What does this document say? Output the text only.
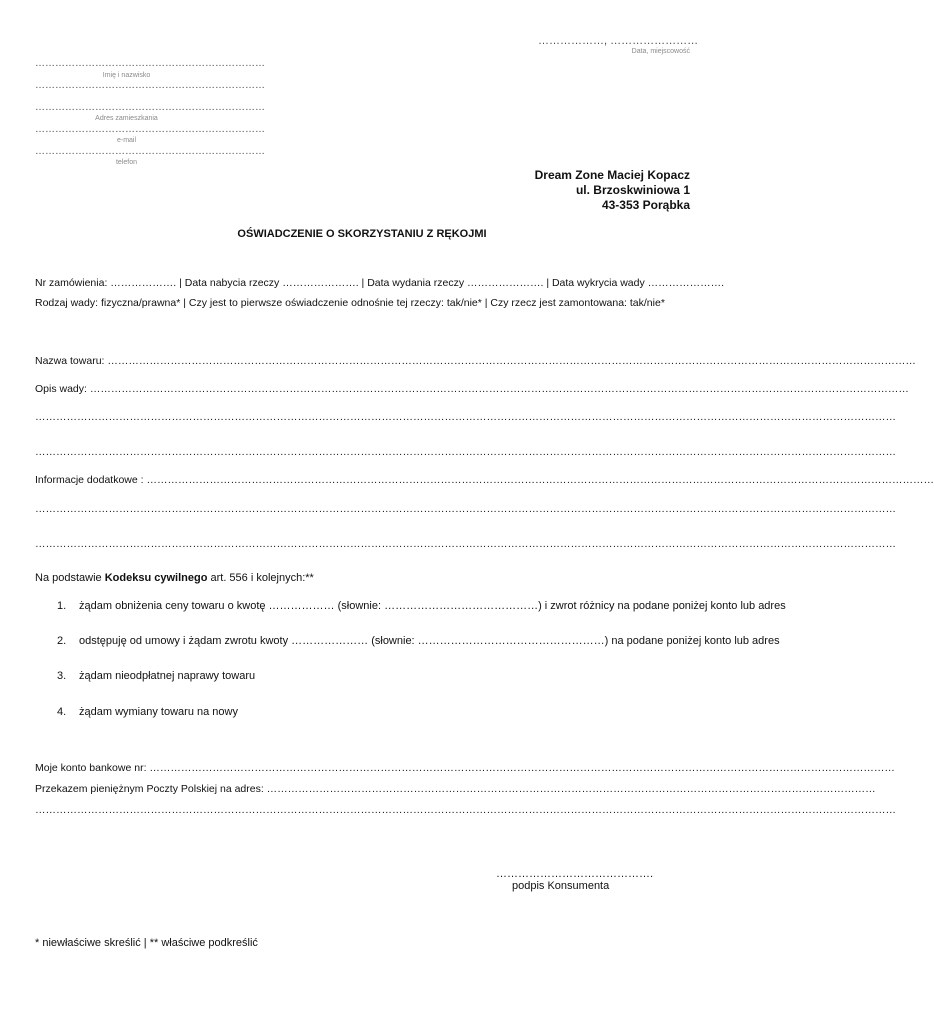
………………, ……………………
Data, miejscowość
……………………………………………………………
Imię i nazwisko
……………………………………………………………
……………………………………………………………
Adres zamieszkania
……………………………………………………………
e-mail
……………………………………………………………
telefon
Dream Zone Maciej Kopacz
ul. Brzoskwiniowa 1
43-353 Porąbka
OŚWIADCZENIE O SKORZYSTANIU Z RĘKOJMI
Nr zamówienia: ………………. | Data nabycia rzeczy …………………. | Data wydania rzeczy …………………. | Data wykrycia wady ………………….
Rodzaj wady: fizyczna/prawna* | Czy jest to pierwsze oświadczenie odnośnie tej rzeczy: tak/nie* | Czy rzecz jest zamontowana: tak/nie*
Nazwa towaru: ……………………………………………………………………………………………………………………………………………………………………………………………………………
Opis wady: ………………………………………………………………………………………………………………………………………………………………………………………………………………
…………………………………………………………………………………………………………………………………………………………………………………………………………………………
…………………………………………………………………………………………………………………………………………………………………………………………………………………………
Informacje dodatkowe : ………………………………………………………………………………………………………………………………………………………………………………………………………
…………………………………………………………………………………………………………………………………………………………………………………………………………………………
…………………………………………………………………………………………………………………………………………………………………………………………………………………………
Na podstawie Kodeksu cywilnego art. 556 i kolejnych:**
1. żądam obniżenia ceny towaru o kwotę ……………… (słownie: ……………………………………) i zwrot różnicy na podane poniżej konto lub adres
2. odstępuję od umowy i żądam zwrotu kwoty ………………… (słownie: ……………………………………………) na podane poniżej konto lub adres
3. żądam nieodpłatnej naprawy towaru
4. żądam wymiany towaru na nowy
Moje konto bankowe nr: ……………………………………………………………………………………………………………………………………………………………………………………………
Przekazem pieniężnym Poczty Polskiej na adres: …………………………………………………………………………………………………………………………………………………………
…………………………………………………………………………………………………………………………………………………………………………………………………………………………
…………………………………….
podpis Konsumenta
* niewłaściwe skreślić | ** właściwe podkreślić
